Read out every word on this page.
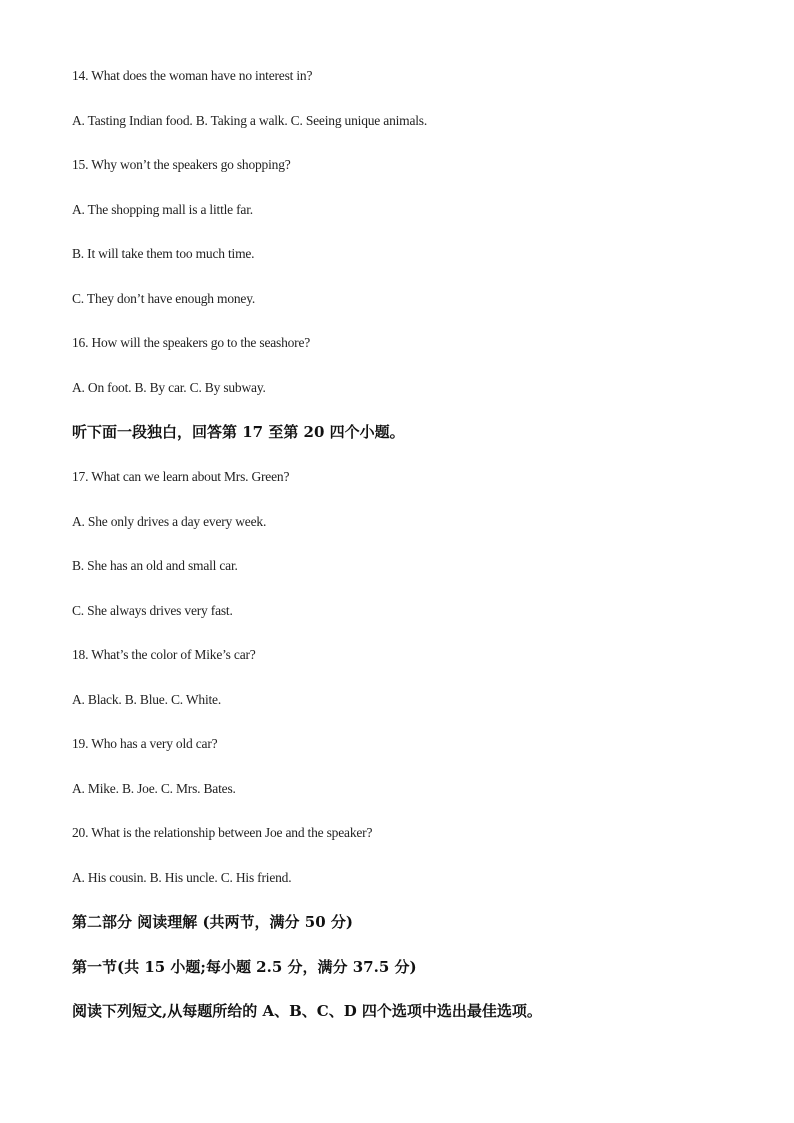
14. What does the woman have no interest in?

A. Tasting Indian food. B. Taking a walk. C. Seeing unique animals.

15. Why won’t the speakers go shopping?

A. The shopping mall is a little far.

B. It will take them too much time.

C. They don’t have enough money.

16. How will the speakers go to the seashore?

A. On foot. B. By car. C. By subway.

听下面一段独白，回答第 17 至第 20 四个小题。

17. What can we learn about Mrs. Green?

A. She only drives a day every week.

B. She has an old and small car.

C. She always drives very fast.

18. What’s the color of Mike’s car?

A. Black. B. Blue. C. White.

19. Who has a very old car?

A. Mike. B. Joe. C. Mrs. Bates.

20. What is the relationship between Joe and the speaker?

A. His cousin. B. His uncle. C. His friend.

第二部分 阅读理解 (共两节，满分 50 分)

第一节(共 15 小题;每小题 2.5 分，满分 37.5 分)

阅读下列短文,从每题所给的 A、B、C、D 四个选项中选出最佳选项。
